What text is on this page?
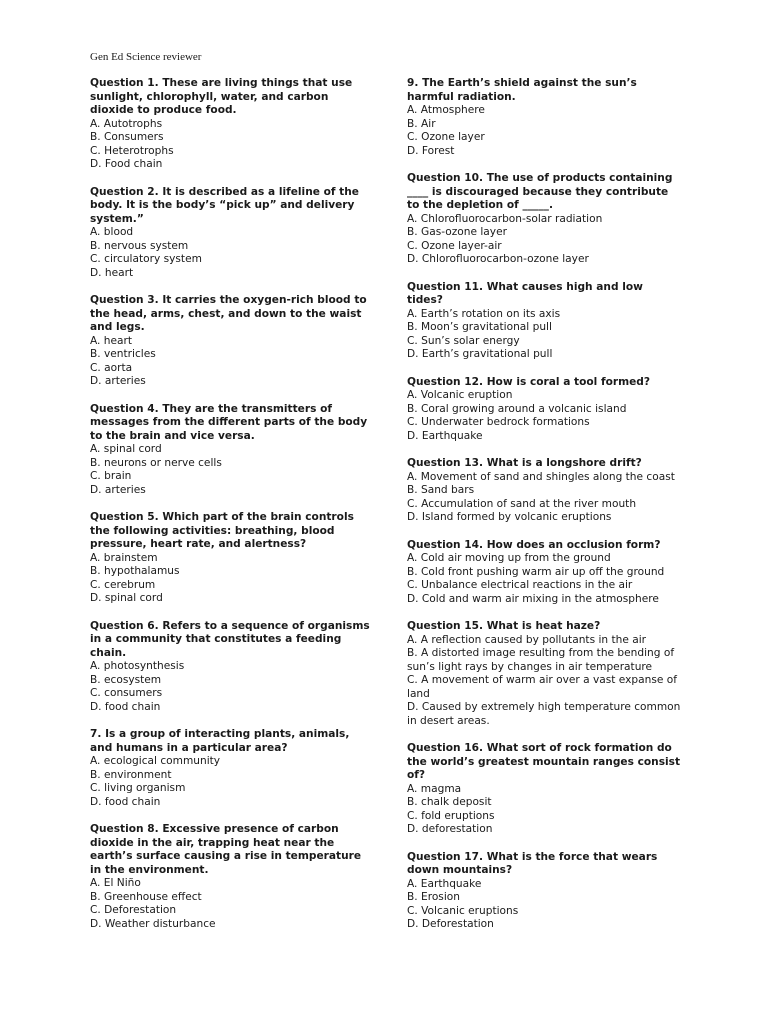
Gen Ed Science reviewer

Question 1. These are living things that use sunlight, chlorophyll, water, and carbon dioxide to produce food.

A. Autotrophs
B. Consumers
C. Heterotrophs
D. Food chain

Question 2. It is described as a lifeline of the body. It is the body’s “pick up” and delivery system.”

A. blood
B. nervous system
C. circulatory system
D. heart

Question 3. It carries the oxygen-rich blood to the head, arms, chest, and down to the waist and legs.

A. heart
B. ventricles
C. aorta
D. arteries

Question 4. They are the transmitters of messages from the different parts of the body to the brain and vice versa.

A. spinal cord
B. neurons or nerve cells
C. brain
D. arteries

Question 5. Which part of the brain controls the following activities: breathing, blood pressure, heart rate, and alertness?

A. brainstem
B. hypothalamus
C. cerebrum
D. spinal cord

Question 6. Refers to a sequence of organisms in a community that constitutes a feeding chain.

A. photosynthesis
B. ecosystem
C. consumers
D. food chain

7. Is a group of interacting plants, animals, and humans in a particular area?

A. ecological community
B. environment
C. living organism
D. food chain

Question 8. Excessive presence of carbon dioxide in the air, trapping heat near the earth’s surface causing a rise in temperature in the environment.

A. El Niño
B. Greenhouse effect
C. Deforestation
D. Weather disturbance

9. The Earth’s shield against the sun’s harmful radiation.

A. Atmosphere
B. Air
C. Ozone layer
D. Forest

Question 10. The use of products containing ____ is discouraged because they contribute to the depletion of _____.

A. Chlorofluorocarbon-solar radiation
B. Gas-ozone layer
C. Ozone layer-air
D. Chlorofluorocarbon-ozone layer

Question 11. What causes high and low tides?

A. Earth’s rotation on its axis
B. Moon’s gravitational pull
C. Sun’s solar energy
D. Earth’s gravitational pull

Question 12. How is coral a tool formed?

A. Volcanic eruption
B. Coral growing around a volcanic island
C. Underwater bedrock formations
D. Earthquake

Question 13. What is a longshore drift?

A. Movement of sand and shingles along the coast
B. Sand bars
C. Accumulation of sand at the river mouth
D. Island formed by volcanic eruptions

Question 14. How does an occlusion form?

A. Cold air moving up from the ground
B. Cold front pushing warm air up off the ground
C. Unbalance electrical reactions in the air
D. Cold and warm air mixing in the atmosphere

Question 15. What is heat haze?

A. A reflection caused by pollutants in the air
B. A distorted image resulting from the bending of sun’s light rays by changes in air temperature
C. A movement of warm air over a vast expanse of land
D. Caused by extremely high temperature common in desert areas.

Question 16. What sort of rock formation do the world’s greatest mountain ranges consist of?

A. magma
B. chalk deposit
C. fold eruptions
D. deforestation

Question 17. What is the force that wears down mountains?

A. Earthquake
B. Erosion
C. Volcanic eruptions
D. Deforestation
